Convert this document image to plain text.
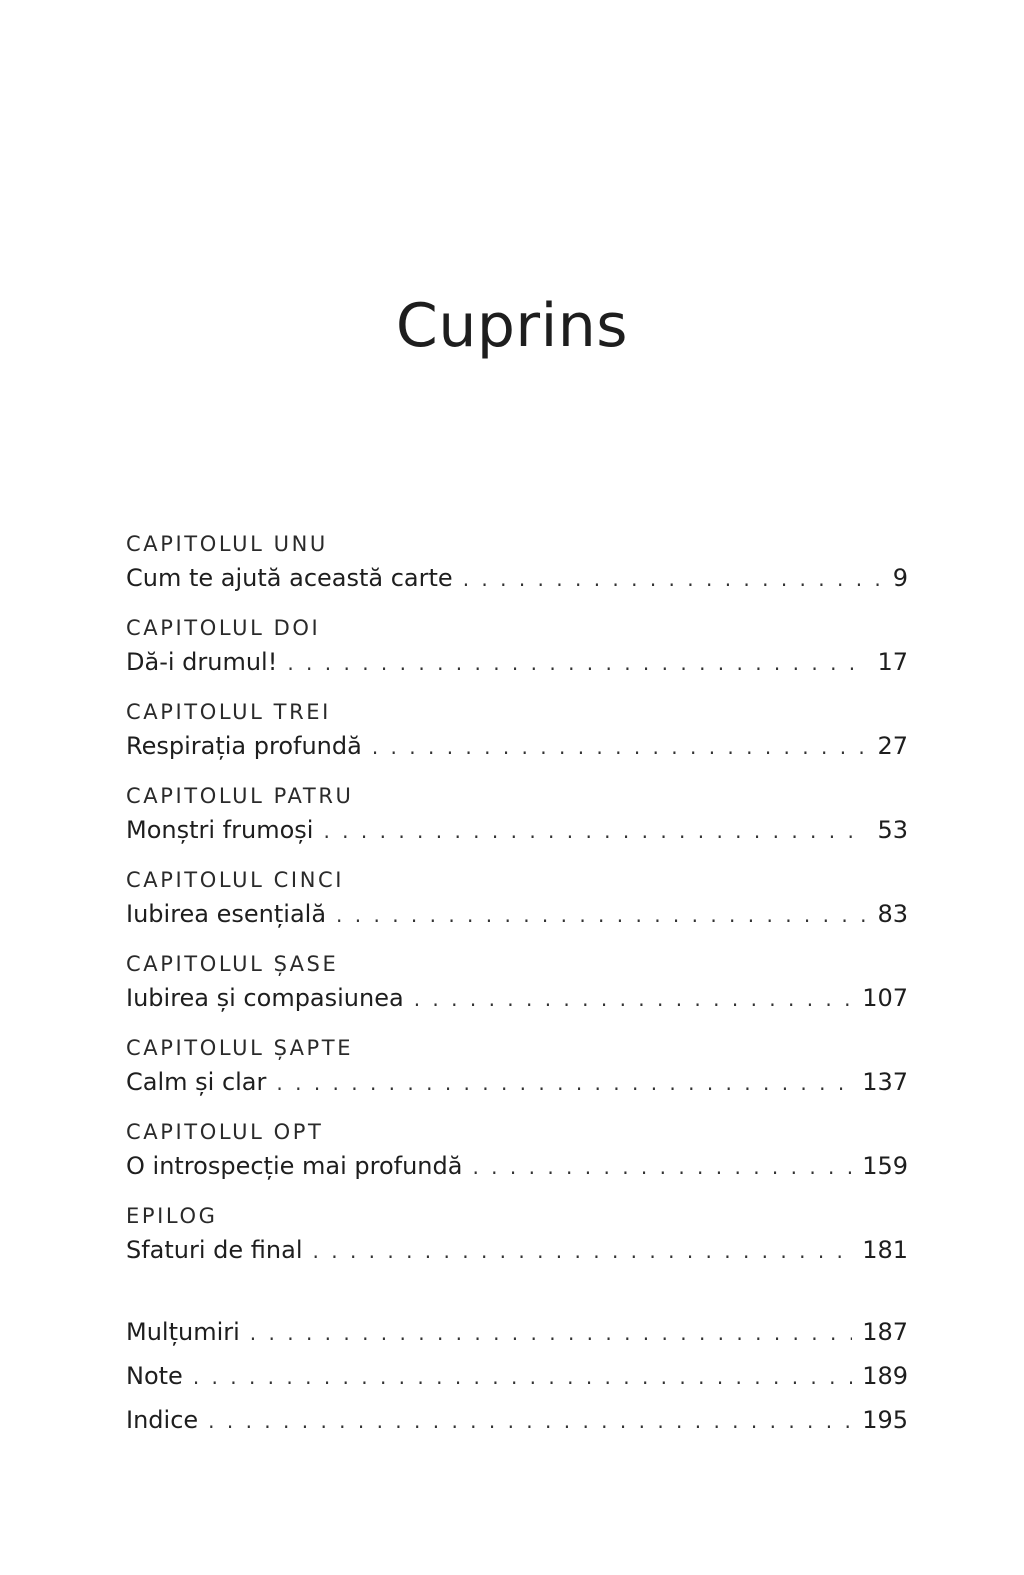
Cuprins
CAPITOLUL UNU
Cum te ajută această carte . . .	9
CAPITOLUL DOI
Dă-i drumul! . . .	17
CAPITOLUL TREI
Respirația profundă . . .	27
CAPITOLUL PATRU
Monștri frumoși . . .	53
CAPITOLUL CINCI
Iubirea esențială . . .	83
CAPITOLUL ȘASE
Iubirea și compasiunea . . .	107
CAPITOLUL ȘAPTE
Calm și clar . . .	137
CAPITOLUL OPT
O introspecție mai profundă . . .	159
EPILOG
Sfaturi de final . . .	181
Mulțumiri . . .	187
Note . . .	189
Indice . . .	195
